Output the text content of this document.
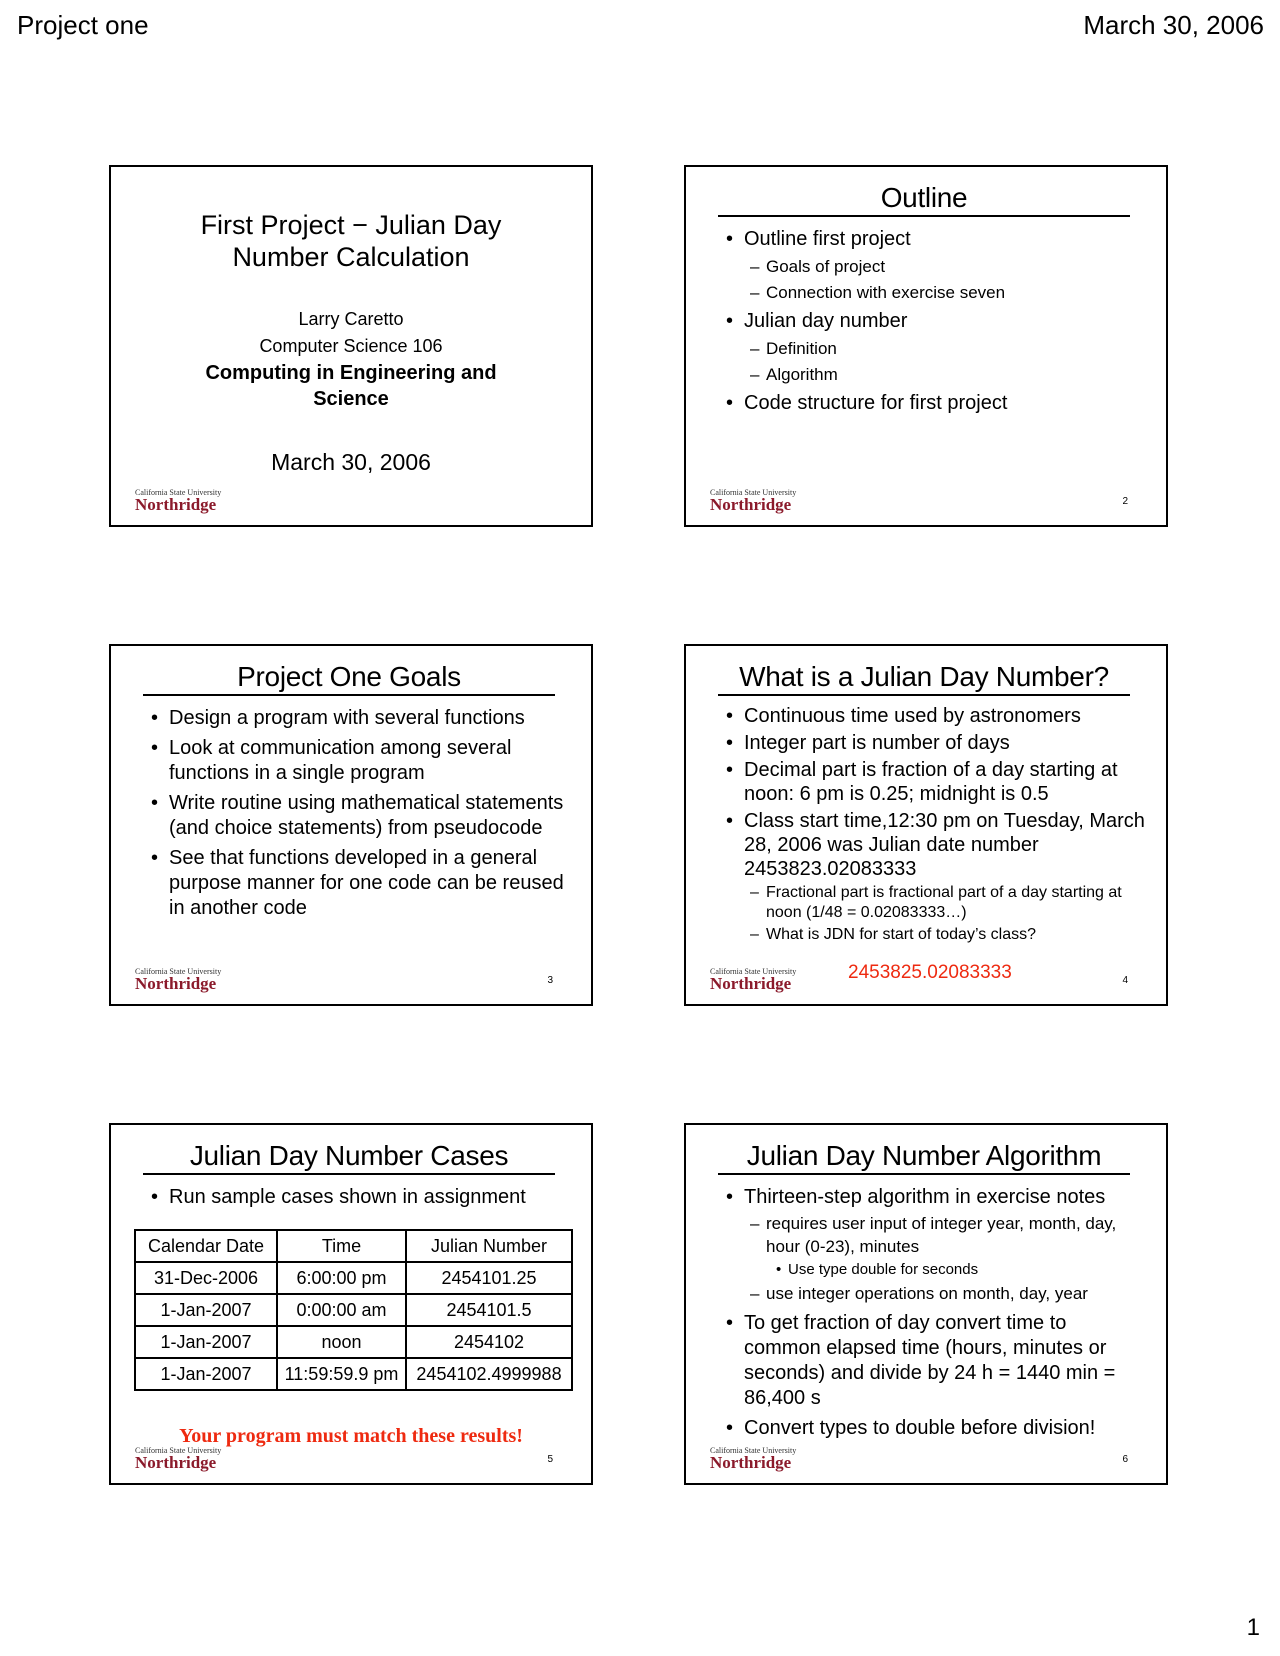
Project one	March 30, 2006
First Project − Julian Day
Number Calculation
Larry Caretto
Computer Science 106
Computing in Engineering and
Science
March 30, 2006
California State University
Northridge
Outline
• Outline first project
– Goals of project
– Connection with exercise seven
• Julian day number
– Definition
– Algorithm
• Code structure for first project
California State University
Northridge	2
Project One Goals
• Design a program with several functions
• Look at communication among several functions in a single program
• Write routine using mathematical statements (and choice statements) from pseudocode
• See that functions developed in a general purpose manner for one code can be reused in another code
California State University
Northridge	3
What is a Julian Day Number?
• Continuous time used by astronomers
• Integer part is number of days
• Decimal part is fraction of a day starting at noon: 6 pm is 0.25; midnight is 0.5
• Class start time,12:30 pm on Tuesday, March 28, 2006 was Julian date number 2453823.02083333
– Fractional part is fractional part of a day starting at noon (1/48 = 0.02083333…)
– What is JDN for start of today’s class?
2453825.02083333
California State University
Northridge	4
Julian Day Number Cases
• Run sample cases shown in assignment
Calendar Date	Time	Julian Number
31-Dec-2006	6:00:00 pm	2454101.25
1-Jan-2007	0:00:00 am	2454101.5
1-Jan-2007	noon	2454102
1-Jan-2007	11:59:59.9 pm	2454102.4999988
Your program must match these results!
California State University
Northridge	5
Julian Day Number Algorithm
• Thirteen-step algorithm in exercise notes
– requires user input of integer year, month, day, hour (0-23), minutes
• Use type double for seconds
– use integer operations on month, day, year
• To get fraction of day convert time to common elapsed time (hours, minutes or seconds) and divide by 24 h = 1440 min = 86,400 s
• Convert types to double before division!
California State University
Northridge	6
1
